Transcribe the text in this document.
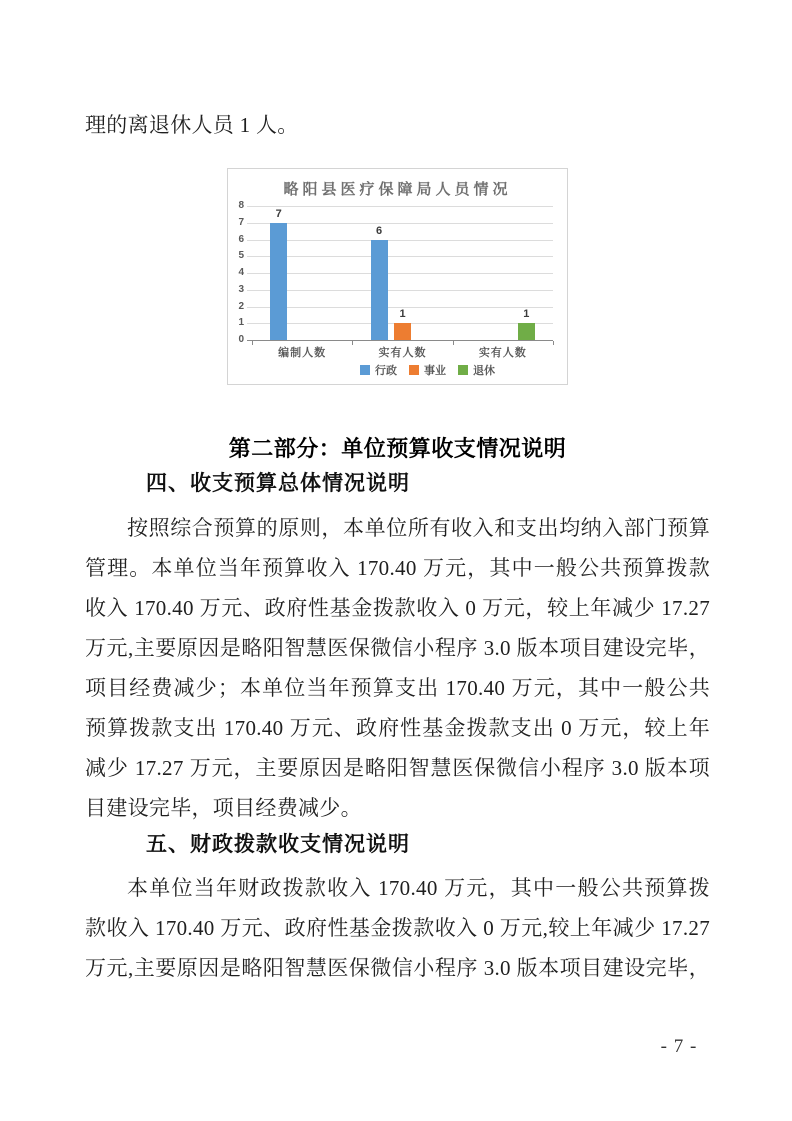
理的离退休人员 1 人。
略阳县医疗保障局人员情况
0
1
2
3
4
5
6
7
8
7
编制人数
6
1
实有人数
1
实有人数
行政 事业 退休
第二部分：单位预算收支情况说明
四、收支预算总体情况说明
按照综合预算的原则，本单位所有收入和支出均纳入部门预算
管理。本单位当年预算收入 170.40 万元，其中一般公共预算拨款
收入 170.40 万元、政府性基金拨款收入 0 万元，较上年减少 17.27
万元,主要原因是略阳智慧医保微信小程序 3.0 版本项目建设完毕，
项目经费减少；本单位当年预算支出 170.40 万元，其中一般公共
预算拨款支出 170.40 万元、政府性基金拨款支出 0 万元，较上年
减少 17.27 万元，主要原因是略阳智慧医保微信小程序 3.0 版本项
目建设完毕，项目经费减少。
五、财政拨款收支情况说明
本单位当年财政拨款收入 170.40 万元，其中一般公共预算拨
款收入 170.40 万元、政府性基金拨款收入 0 万元,较上年减少 17.27
万元,主要原因是略阳智慧医保微信小程序 3.0 版本项目建设完毕，
- 7 -
